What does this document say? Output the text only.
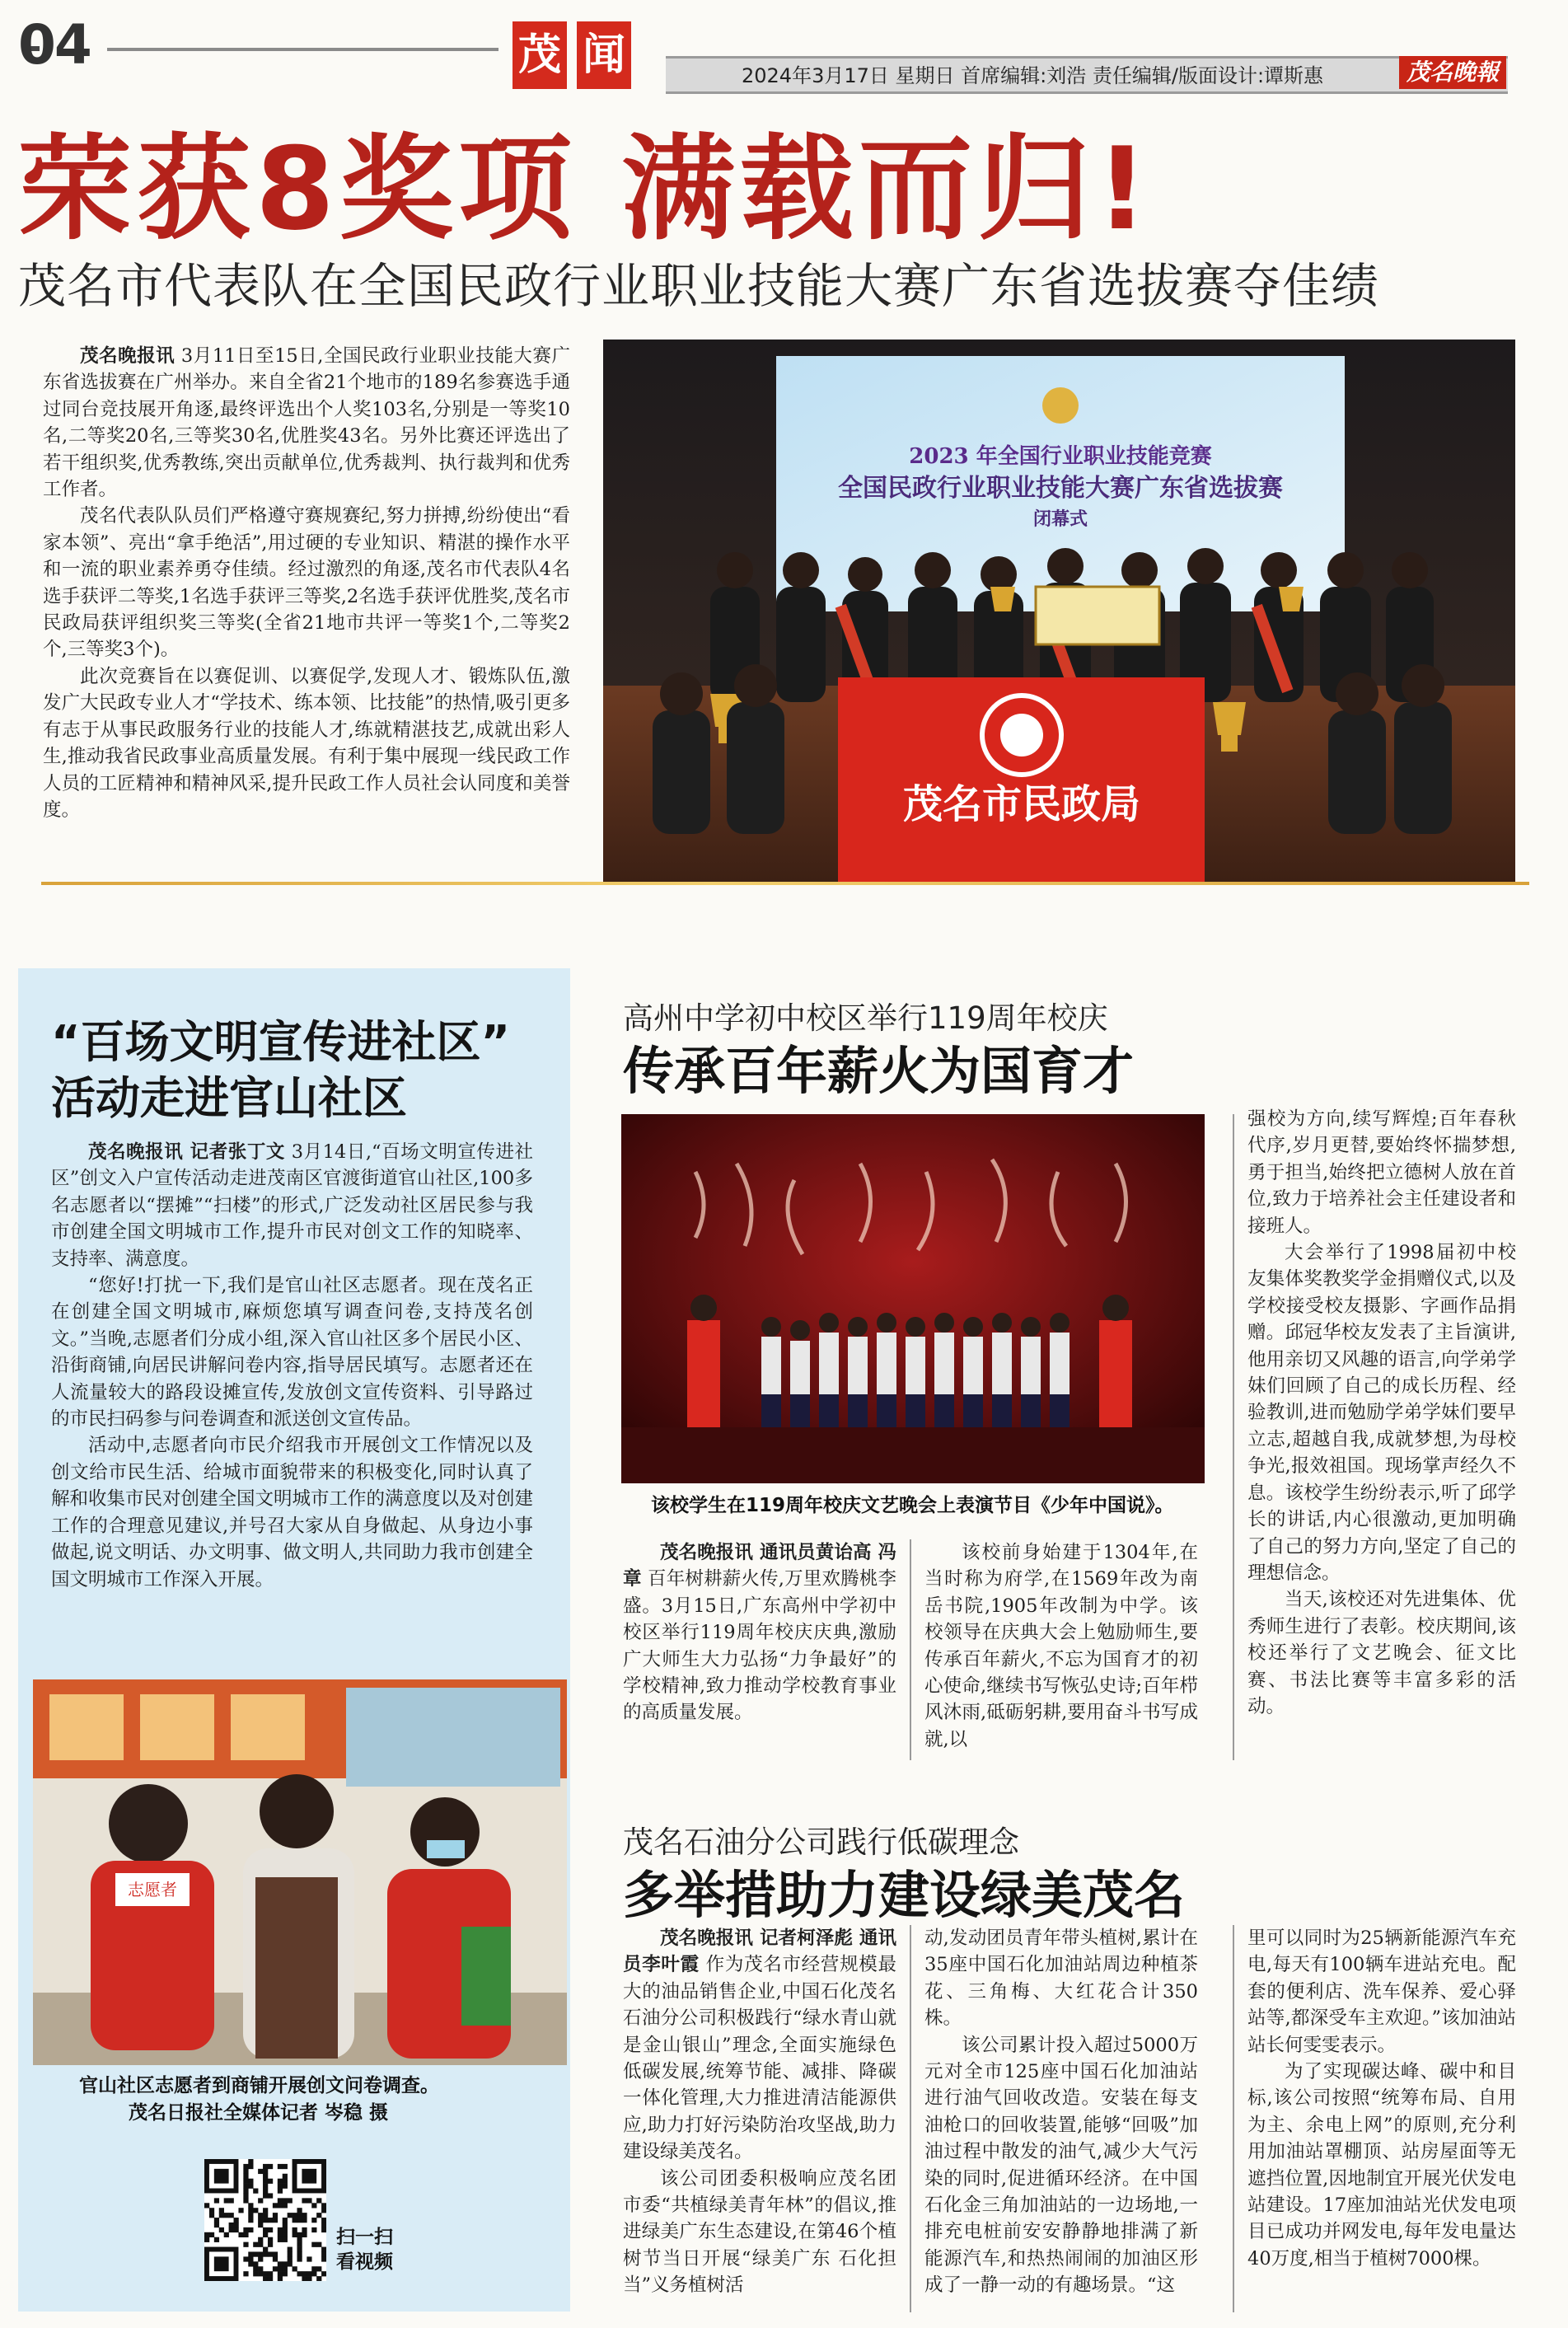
04	茂 闻	2024年3月17日 星期日 首席编辑:刘浩 责任编辑/版面设计:谭斯惠	茂名晚報
荣获8奖项 满载而归!
茂名市代表队在全国民政行业职业技能大赛广东省选拔赛夺佳绩

茂名晚报讯 3月11日至15日,全国民政行业职业技能大赛广东省选拔赛在广州举办。来自全省21个地市的189名参赛选手通过同台竞技展开角逐,最终评选出个人奖103名,分别是一等奖10名,二等奖20名,三等奖30名,优胜奖43名。另外比赛还评选出了若干组织奖,优秀教练,突出贡献单位,优秀裁判、执行裁判和优秀工作者。

茂名代表队队员们严格遵守赛规赛纪,努力拼搏,纷纷使出“看家本领”、亮出“拿手绝活”,用过硬的专业知识、精湛的操作水平和一流的职业素养勇夺佳绩。经过激烈的角逐,茂名市代表队4名选手获评二等奖,1名选手获评三等奖,2名选手获评优胜奖,茂名市民政局获评组织奖三等奖(全省21地市共评一等奖1个,二等奖2个,三等奖3个)。

此次竞赛旨在以赛促训、以赛促学,发现人才、锻炼队伍,激发广大民政专业人才“学技术、练本领、比技能”的热情,吸引更多有志于从事民政服务行业的技能人才,练就精湛技艺,成就出彩人生,推动我省民政事业高质量发展。有利于集中展现一线民政工作人员的工匠精神和精神风采,提升民政工作人员社会认同度和美誉度。

2023 年全国行业职业技能竞赛
全国民政行业职业技能大赛广东省选拔赛
闭幕式
茂名市民政局
“百场文明宣传进社区”
活动走进官山社区

茂名晚报讯 记者张丁文 3月14日,“百场文明宣传进社区”创文入户宣传活动走进茂南区官渡街道官山社区,100多名志愿者以“摆摊”“扫楼”的形式,广泛发动社区居民参与我市创建全国文明城市工作,提升市民对创文工作的知晓率、支持率、满意度。

“您好!打扰一下,我们是官山社区志愿者。现在茂名正在创建全国文明城市,麻烦您填写调查问卷,支持茂名创文。”当晚,志愿者们分成小组,深入官山社区多个居民小区、沿街商铺,向居民讲解问卷内容,指导居民填写。志愿者还在人流量较大的路段设摊宣传,发放创文宣传资料、引导路过的市民扫码参与问卷调查和派送创文宣传品。

活动中,志愿者向市民介绍我市开展创文工作情况以及创文给市民生活、给城市面貌带来的积极变化,同时认真了解和收集市民对创建全国文明城市工作的满意度以及对创建工作的合理意见建议,并号召大家从自身做起、从身边小事做起,说文明话、办文明事、做文明人,共同助力我市创建全国文明城市工作深入开展。

志愿者
官山社区志愿者到商铺开展创文问卷调查。
茂名日报社全媒体记者 岑稳 摄
扫一扫
看视频
高州中学初中校区举行119周年校庆
传承百年薪火为国育才
该校学生在119周年校庆文艺晚会上表演节目《少年中国说》。

茂名晚报讯 通讯员黄诒高 冯章 百年树耕薪火传,万里欢腾桃李盛。3月15日,广东高州中学初中校区举行119周年校庆庆典,激励广大师生大力弘扬“力争最好”的学校精神,致力推动学校教育事业的高质量发展。

该校前身始建于1304年,在当时称为府学,在1569年改为南岳书院,1905年改制为中学。该校领导在庆典大会上勉励师生,要传承百年薪火,不忘为国育才的初心使命,继续书写恢弘史诗;百年栉风沐雨,砥砺躬耕,要用奋斗书写成就,以

强校为方向,续写辉煌;百年春秋代序,岁月更替,要始终怀揣梦想,勇于担当,始终把立德树人放在首位,致力于培养社会主任建设者和接班人。

大会举行了1998届初中校友集体奖教奖学金捐赠仪式,以及学校接受校友摄影、字画作品捐赠。邱冠华校友发表了主旨演讲,他用亲切又风趣的语言,向学弟学妹们回顾了自己的成长历程、经验教训,进而勉励学弟学妹们要早立志,超越自我,成就梦想,为母校争光,报效祖国。现场掌声经久不息。该校学生纷纷表示,听了邱学长的讲话,内心很激动,更加明确了自己的努力方向,坚定了自己的理想信念。

当天,该校还对先进集体、优秀师生进行了表彰。校庆期间,该校还举行了文艺晚会、征文比赛、书法比赛等丰富多彩的活动。

茂名石油分公司践行低碳理念
多举措助力建设绿美茂名

茂名晚报讯 记者柯泽彪 通讯员李叶霞 作为茂名市经营规模最大的油品销售企业,中国石化茂名石油分公司积极践行“绿水青山就是金山银山”理念,全面实施绿色低碳发展,统筹节能、减排、降碳一体化管理,大力推进清洁能源供应,助力打好污染防治攻坚战,助力建设绿美茂名。

该公司团委积极响应茂名团市委“共植绿美青年林”的倡议,推进绿美广东生态建设,在第46个植树节当日开展“绿美广东 石化担当”义务植树活

动,发动团员青年带头植树,累计在35座中国石化加油站周边种植茶花、三角梅、大红花合计350株。

该公司累计投入超过5000万元对全市125座中国石化加油站进行油气回收改造。安装在每支油枪口的回收装置,能够“回吸”加油过程中散发的油气,减少大气污染的同时,促进循环经济。在中国石化金三角加油站的一边场地,一排充电桩前安安静静地排满了新能源汽车,和热热闹闹的加油区形成了一静一动的有趣场景。“这

里可以同时为25辆新能源汽车充电,每天有100辆车进站充电。配套的便利店、洗车保养、爱心驿站等,都深受车主欢迎。”该加油站站长何雯雯表示。

为了实现碳达峰、碳中和目标,该公司按照“统筹布局、自用为主、余电上网”的原则,充分利用加油站罩棚顶、站房屋面等无遮挡位置,因地制宜开展光伏发电站建设。17座加油站光伏发电项目已成功并网发电,每年发电量达40万度,相当于植树7000棵。
